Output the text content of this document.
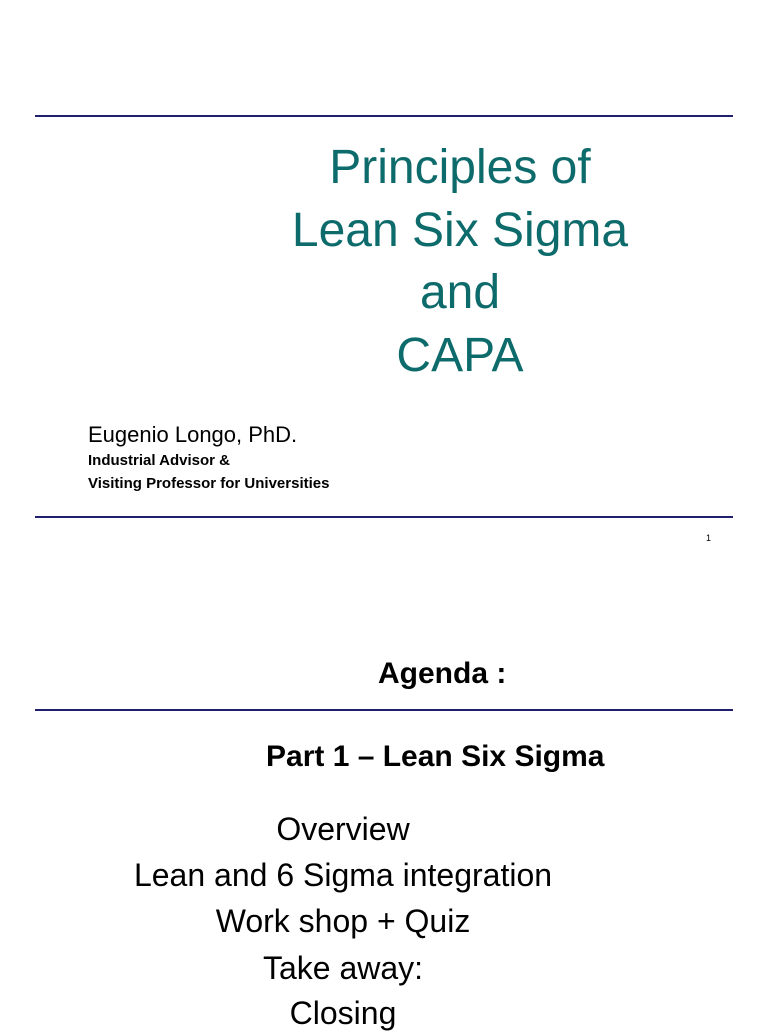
Principles of
Lean Six Sigma
and
CAPA
Eugenio Longo, PhD.
Industrial Advisor &
Visiting Professor for Universities
1
Agenda :
Part 1 – Lean Six Sigma
Overview
Lean and 6 Sigma integration
Work shop + Quiz
Take away:
Closing
